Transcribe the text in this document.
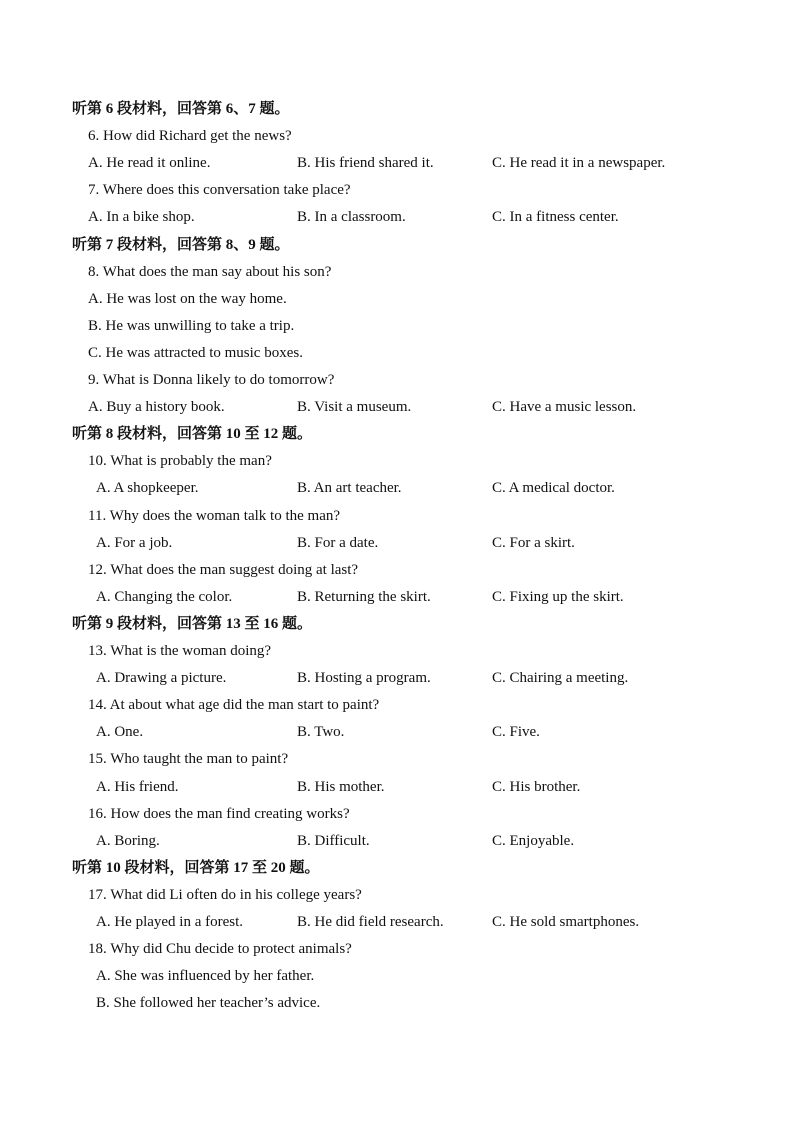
听第 6 段材料，回答第 6、7 题。
6. How did Richard get the news?
A. He read it online.	B. His friend shared it.	C. He read it in a newspaper.
7. Where does this conversation take place?
A. In a bike shop.	B. In a classroom.	C. In a fitness center.
听第 7 段材料，回答第 8、9 题。
8. What does the man say about his son?
A. He was lost on the way home.
B. He was unwilling to take a trip.
C. He was attracted to music boxes.
9. What is Donna likely to do tomorrow?
A. Buy a history book.	B. Visit a museum.	C. Have a music lesson.
听第 8 段材料，回答第 10 至 12 题。
10. What is probably the man?
A. A shopkeeper.	B. An art teacher.	C. A medical doctor.
11. Why does the woman talk to the man?
A. For a job.	B. For a date.	C. For a skirt.
12. What does the man suggest doing at last?
A. Changing the color.	B. Returning the skirt.	C. Fixing up the skirt.
听第 9 段材料，回答第 13 至 16 题。
13. What is the woman doing?
A. Drawing a picture.	B. Hosting a program.	C. Chairing a meeting.
14. At about what age did the man start to paint?
A. One.	B. Two.	C. Five.
15. Who taught the man to paint?
A. His friend.	B. His mother.	C. His brother.
16. How does the man find creating works?
A. Boring.	B. Difficult.	C. Enjoyable.
听第 10 段材料，回答第 17 至 20 题。
17. What did Li often do in his college years?
A. He played in a forest.	B. He did field research.	C. He sold smartphones.
18. Why did Chu decide to protect animals?
A. She was influenced by her father.
B. She followed her teacher’s advice.
